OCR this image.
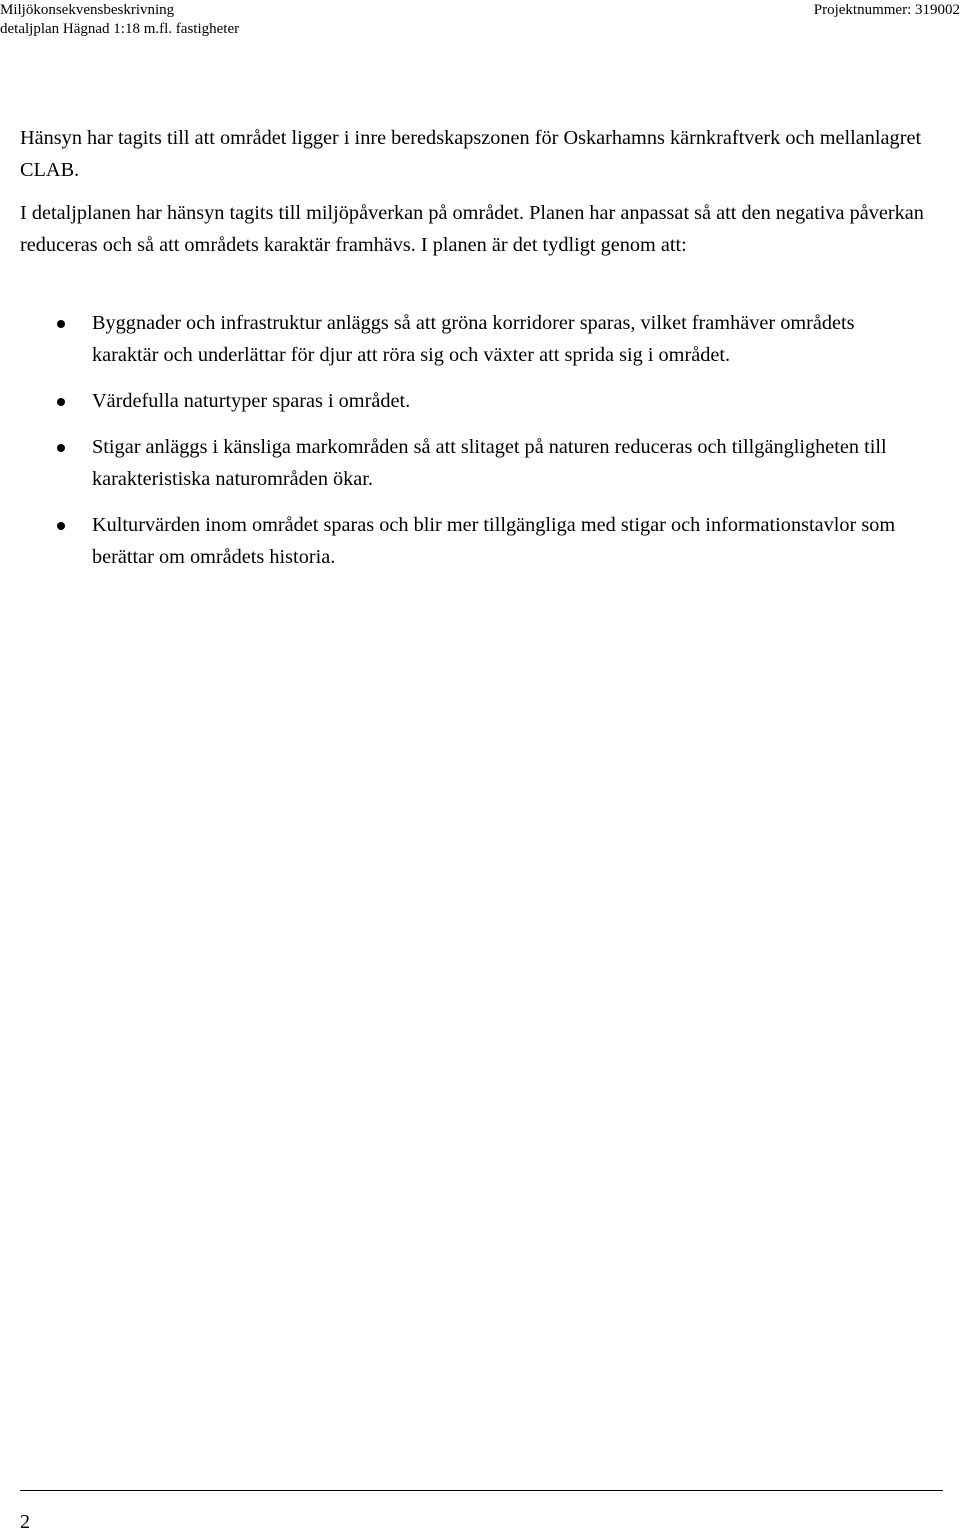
Miljökonsekvensbeskrivning
detaljplan Hägnad 1:18 m.fl. fastigheter
Projektnummer: 319002

Hänsyn har tagits till att området ligger i inre beredskapszonen för Oskarhamns kärnkraftverk och mellanlagret CLAB.

I detaljplanen har hänsyn tagits till miljöpåverkan på området. Planen har anpassat så att den negativa påverkan reduceras och så att områdets karaktär framhävs. I planen är det tydligt genom att:

Byggnader och infrastruktur anläggs så att gröna korridorer sparas, vilket framhäver områdets karaktär och underlättar för djur att röra sig och växter att sprida sig i området.
Värdefulla naturtyper sparas i området.
Stigar anläggs i känsliga markområden så att slitaget på naturen reduceras och tillgängligheten till karakteristiska naturområden ökar.
Kulturvärden inom området sparas och blir mer tillgängliga med stigar och informationstavlor som berättar om områdets historia.
2
